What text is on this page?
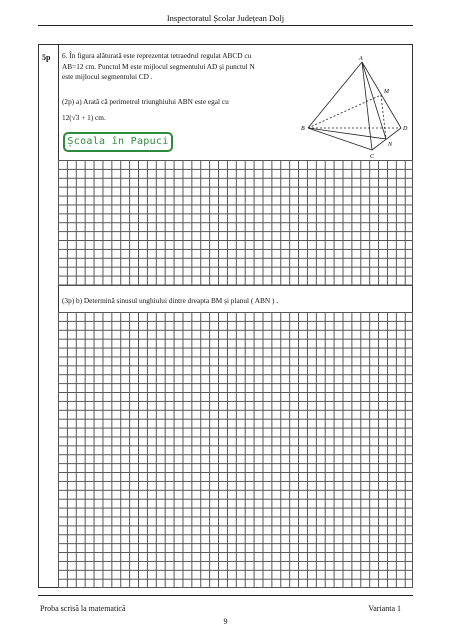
Inspectoratul Școlar Județean Dolj
5p 6. În figura alăturată este reprezentat tetraedrul regulat ABCD cu
AB=12 cm. Punctul M este mijlocul segmentului AD și punctul N
este mijlocul segmentului CD .
(2p) a) Arată că perimetrul triunghiului ABN este egal cu
12(√3 + 1) cm.
A
B
C
D
M
N
Școala în Papuci
(3p) b) Determină sinusul unghiului dintre dreapta BM și planul ( ABN ) .
Proba scrisă la matematică	Varianta 1
9
